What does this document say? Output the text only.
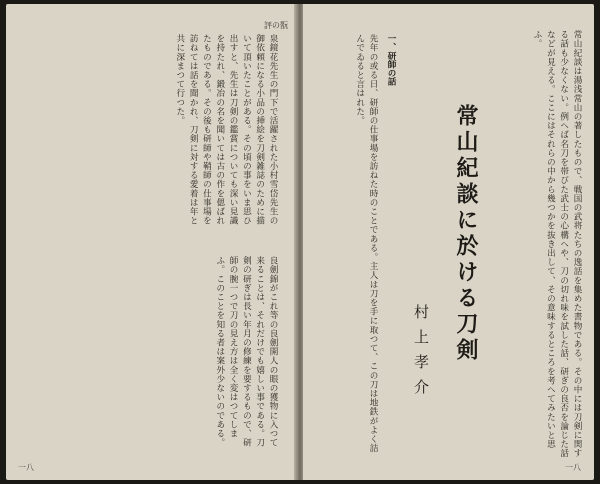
評の翫
泉鏡花先生の門下で活躍された小村雪岱先生の御依頼になる小品の挿絵を刀剣雑誌のために描いて頂いたことがある。その頃の事をいま思ひ出すと、先生は刀剣の鑑賞についても深い見識を持たれ、鍛冶の名を聞いては古の作を偲ばれたものである。その後も研師や鞘師の仕事場を訪ねては話を聞かれ、刀剣に対する愛着は年と共に深まつて行つた。
良劍錦がこれ等の良劍開人の眼の獲物に入つて来ることは、それだけでも嬉しい事である。刀剣の研ぎは長い年月の修練を要するもので、研師の腕一つで刀の見え方は全く変はつてしまふ。このことを知る者は案外少ないのである。
一八
常山紀談は湯浅常山の著したもので、戦国の武将たちの逸話を集めた書物である。その中には刀剣に関する話も少なくない。例へば名刀を帯びた武士の心構へや、刀の切れ味を試した話、研ぎの良否を論じた話などが見える。ここにはそれらの中から幾つかを抜き出して、その意味するところを考へてみたいと思ふ。
常山紀談に於ける刀剣
村上孝介
一、研師の話
先年の或る日、研師の仕事場を訪ねた時のことである。主人は刀を手に取つて、この刀は地鉄がよく詰んでゐると言はれた。
一八
